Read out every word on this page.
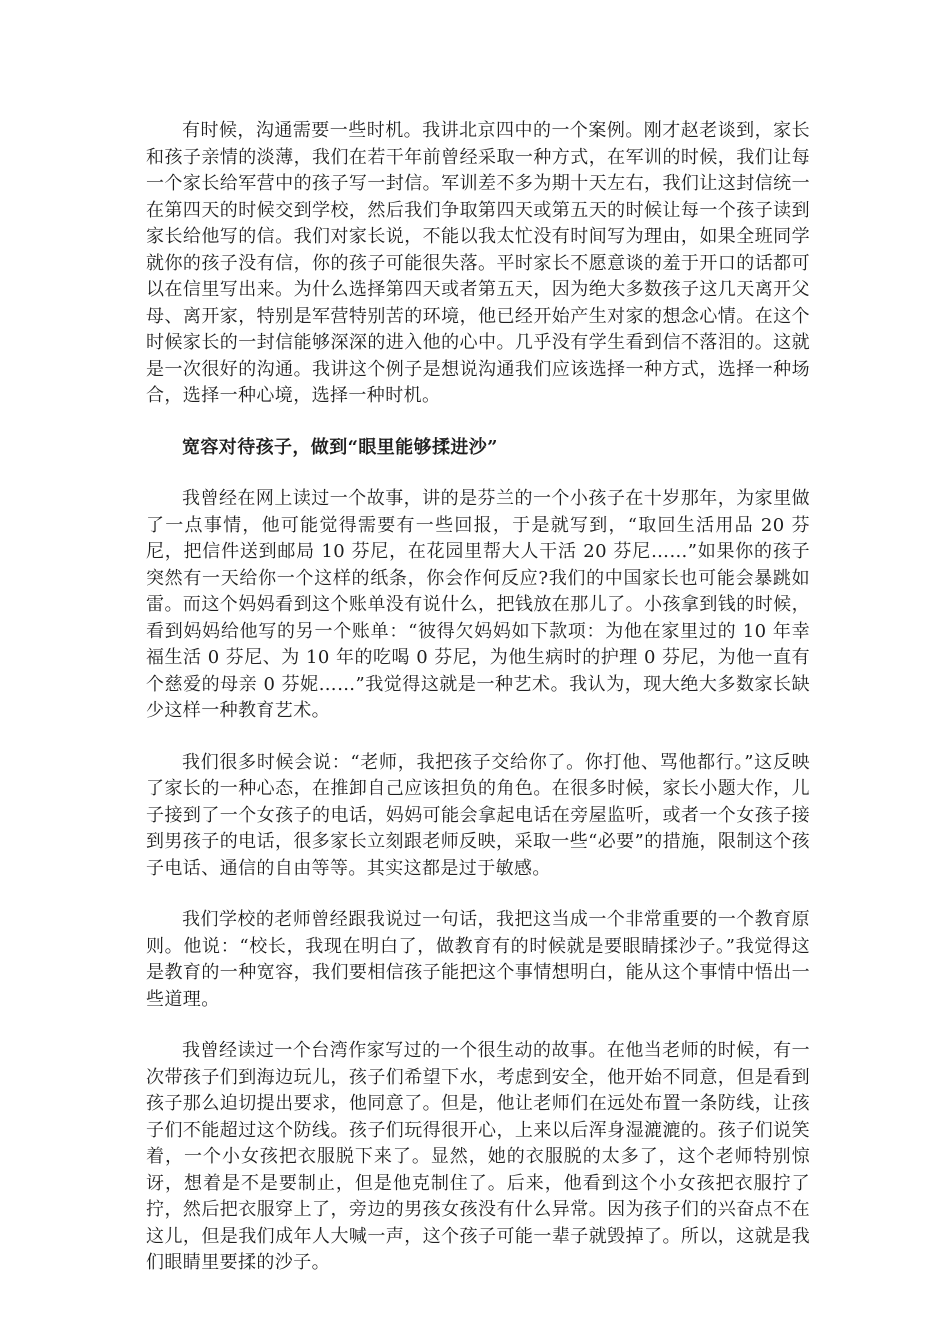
有时候，沟通需要一些时机。我讲北京四中的一个案例。刚才赵老谈到，家长和孩子亲情的淡薄，我们在若干年前曾经采取一种方式，在军训的时候，我们让每一个家长给军营中的孩子写一封信。军训差不多为期十天左右，我们让这封信统一在第四天的时候交到学校，然后我们争取第四天或第五天的时候让每一个孩子读到家长给他写的信。我们对家长说，不能以我太忙没有时间写为理由，如果全班同学就你的孩子没有信，你的孩子可能很失落。平时家长不愿意谈的羞于开口的话都可以在信里写出来。为什么选择第四天或者第五天，因为绝大多数孩子这几天离开父母、离开家，特别是军营特别苦的环境，他已经开始产生对家的想念心情。在这个时候家长的一封信能够深深的进入他的心中。几乎没有学生看到信不落泪的。这就是一次很好的沟通。我讲这个例子是想说沟通我们应该选择一种方式，选择一种场合，选择一种心境，选择一种时机。

宽容对待孩子，做到“眼里能够揉进沙”

我曾经在网上读过一个故事，讲的是芬兰的一个小孩子在十岁那年，为家里做了一点事情，他可能觉得需要有一些回报，于是就写到，“取回生活用品 20 芬尼，把信件送到邮局 10 芬尼，在花园里帮大人干活 20 芬尼……”如果你的孩子突然有一天给你一个这样的纸条，你会作何反应?我们的中国家长也可能会暴跳如雷。而这个妈妈看到这个账单没有说什么，把钱放在那儿了。小孩拿到钱的时候，看到妈妈给他写的另一个账单：“彼得欠妈妈如下款项：为他在家里过的 10 年幸福生活 0 芬尼、为 10 年的吃喝 0 芬尼，为他生病时的护理 0 芬尼，为他一直有个慈爱的母亲 0 芬妮……”我觉得这就是一种艺术。我认为，现大绝大多数家长缺少这样一种教育艺术。

我们很多时候会说：“老师，我把孩子交给你了。你打他、骂他都行。”这反映了家长的一种心态，在推卸自己应该担负的角色。在很多时候，家长小题大作，儿子接到了一个女孩子的电话，妈妈可能会拿起电话在旁屋监听，或者一个女孩子接到男孩子的电话，很多家长立刻跟老师反映，采取一些“必要”的措施，限制这个孩子电话、通信的自由等等。其实这都是过于敏感。

我们学校的老师曾经跟我说过一句话，我把这当成一个非常重要的一个教育原则。他说：“校长，我现在明白了，做教育有的时候就是要眼睛揉沙子。”我觉得这是教育的一种宽容，我们要相信孩子能把这个事情想明白，能从这个事情中悟出一些道理。

我曾经读过一个台湾作家写过的一个很生动的故事。在他当老师的时候，有一次带孩子们到海边玩儿，孩子们希望下水，考虑到安全，他开始不同意，但是看到孩子那么迫切提出要求，他同意了。但是，他让老师们在远处布置一条防线，让孩子们不能超过这个防线。孩子们玩得很开心，上来以后浑身湿漉漉的。孩子们说笑着，一个小女孩把衣服脱下来了。显然，她的衣服脱的太多了，这个老师特别惊讶，想着是不是要制止，但是他克制住了。后来，他看到这个小女孩把衣服拧了拧，然后把衣服穿上了，旁边的男孩女孩没有什么异常。因为孩子们的兴奋点不在这儿，但是我们成年人大喊一声，这个孩子可能一辈子就毁掉了。所以，这就是我们眼睛里要揉的沙子。
